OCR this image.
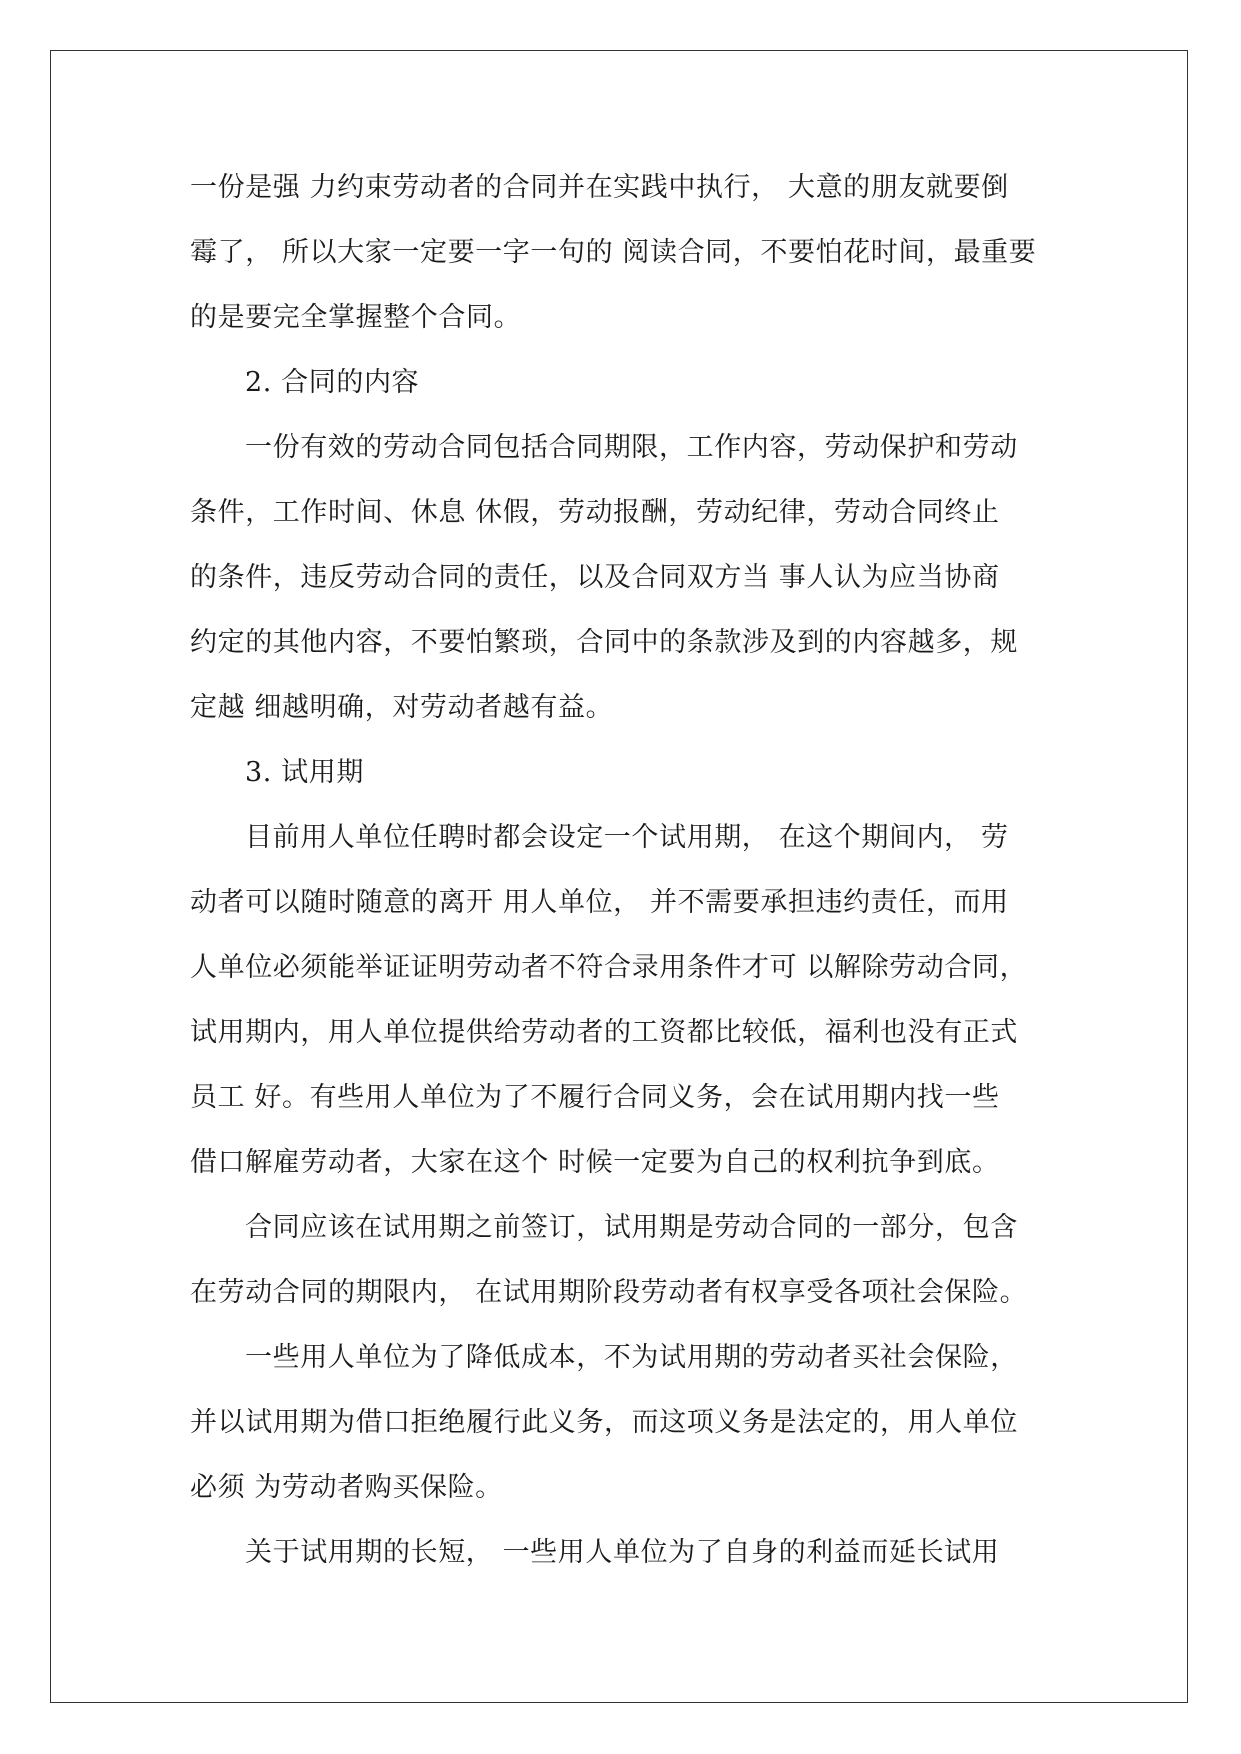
一份是强 力约束劳动者的合同并在实践中执行， 大意的朋友就要倒
霉了， 所以大家一定要一字一句的 阅读合同，不要怕花时间，最重要
的是要完全掌握整个合同。
2. 合同的内容
一份有效的劳动合同包括合同期限，工作内容，劳动保护和劳动
条件，工作时间、休息 休假，劳动报酬，劳动纪律，劳动合同终止
的条件，违反劳动合同的责任，以及合同双方当 事人认为应当协商
约定的其他内容，不要怕繁琐，合同中的条款涉及到的内容越多，规
定越 细越明确，对劳动者越有益。
3. 试用期
目前用人单位任聘时都会设定一个试用期， 在这个期间内， 劳
动者可以随时随意的离开 用人单位， 并不需要承担违约责任，而用
人单位必须能举证证明劳动者不符合录用条件才可 以解除劳动合同，
试用期内，用人单位提供给劳动者的工资都比较低，福利也没有正式
员工 好。有些用人单位为了不履行合同义务，会在试用期内找一些
借口解雇劳动者，大家在这个 时候一定要为自己的权利抗争到底。
合同应该在试用期之前签订，试用期是劳动合同的一部分，包含
在劳动合同的期限内， 在试用期阶段劳动者有权享受各项社会保险。
一些用人单位为了降低成本，不为试用期的劳动者买社会保险，
并以试用期为借口拒绝履行此义务，而这项义务是法定的，用人单位
必须 为劳动者购买保险。
关于试用期的长短， 一些用人单位为了自身的利益而延长试用
